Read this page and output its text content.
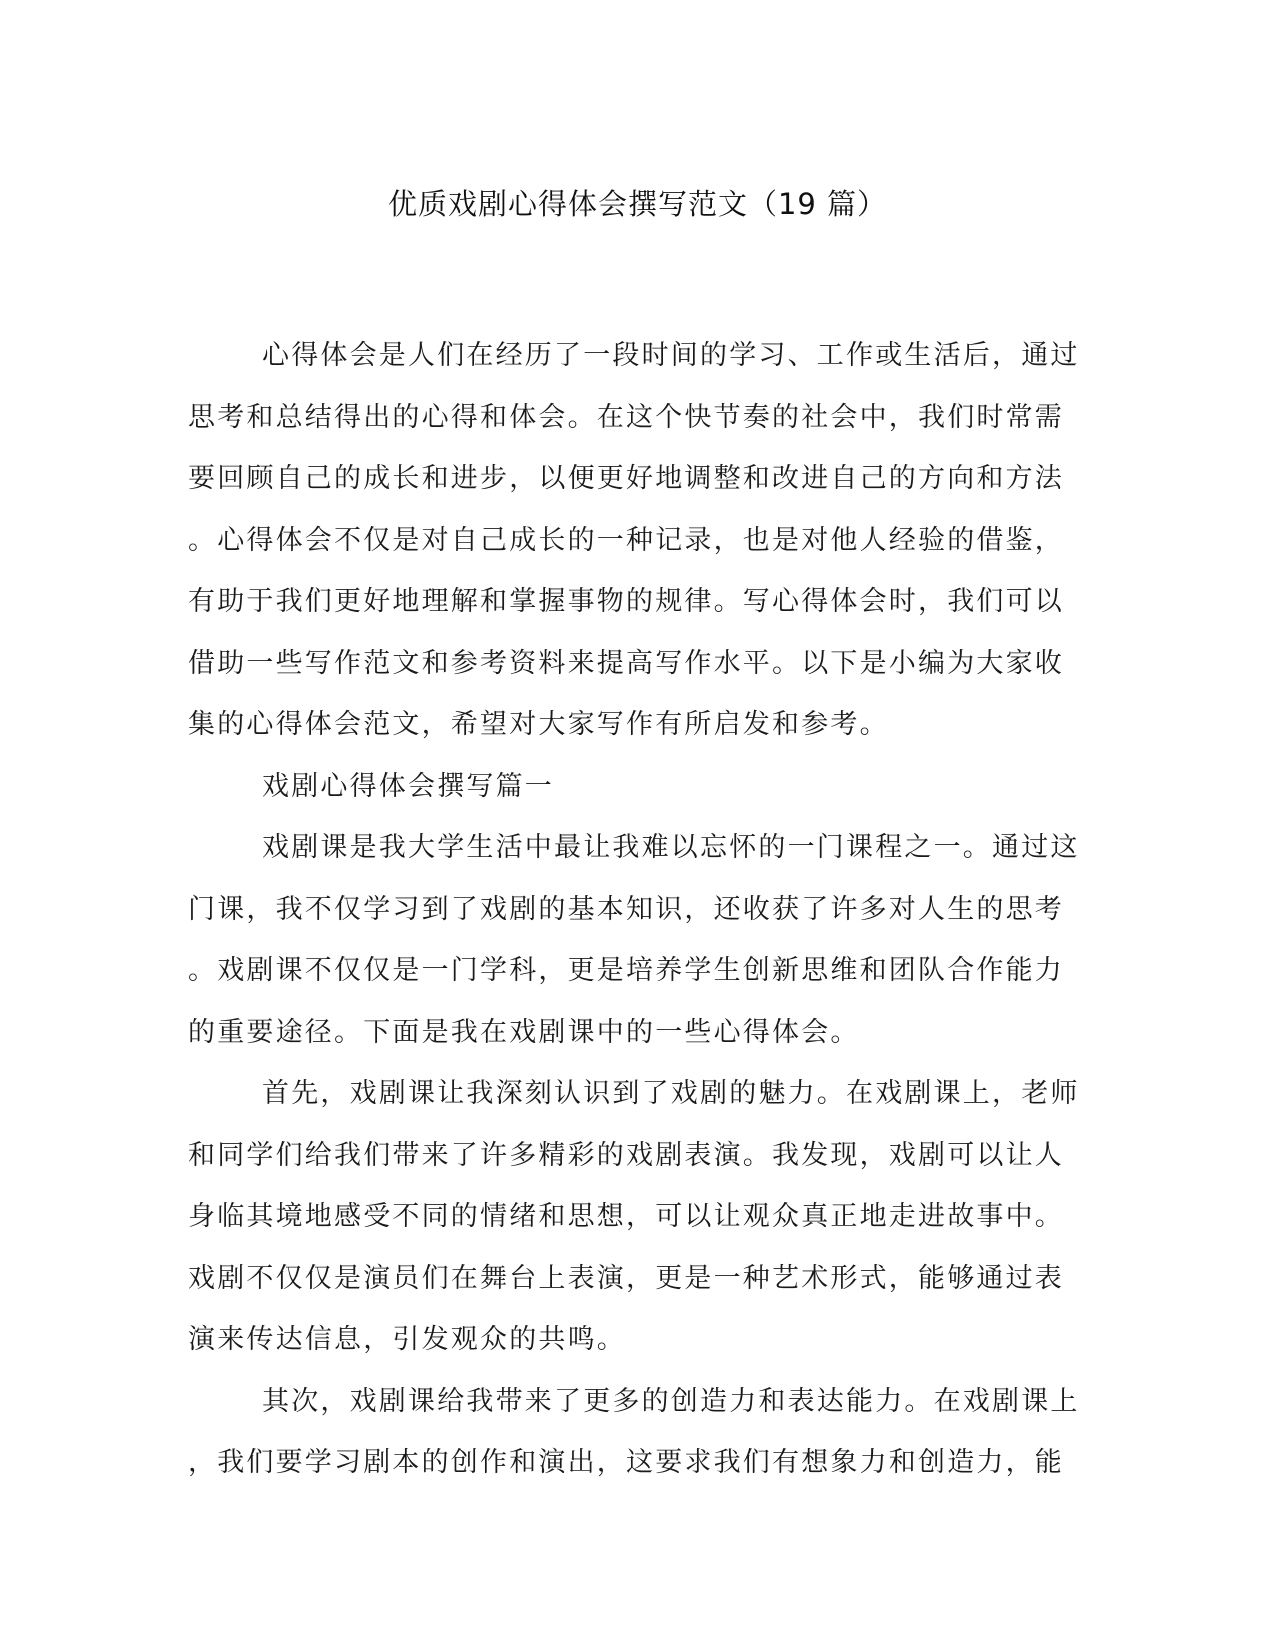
优质戏剧心得体会撰写范文（19 篇）
心得体会是人们在经历了一段时间的学习、工作或生活后，通过
思考和总结得出的心得和体会。在这个快节奏的社会中，我们时常需
要回顾自己的成长和进步，以便更好地调整和改进自己的方向和方法
。心得体会不仅是对自己成长的一种记录，也是对他人经验的借鉴，
有助于我们更好地理解和掌握事物的规律。写心得体会时，我们可以
借助一些写作范文和参考资料来提高写作水平。以下是小编为大家收
集的心得体会范文，希望对大家写作有所启发和参考。
戏剧心得体会撰写篇一
戏剧课是我大学生活中最让我难以忘怀的一门课程之一。通过这
门课，我不仅学习到了戏剧的基本知识，还收获了许多对人生的思考
。戏剧课不仅仅是一门学科，更是培养学生创新思维和团队合作能力
的重要途径。下面是我在戏剧课中的一些心得体会。
首先，戏剧课让我深刻认识到了戏剧的魅力。在戏剧课上，老师
和同学们给我们带来了许多精彩的戏剧表演。我发现，戏剧可以让人
身临其境地感受不同的情绪和思想，可以让观众真正地走进故事中。
戏剧不仅仅是演员们在舞台上表演，更是一种艺术形式，能够通过表
演来传达信息，引发观众的共鸣。
其次，戏剧课给我带来了更多的创造力和表达能力。在戏剧课上
，我们要学习剧本的创作和演出，这要求我们有想象力和创造力，能
